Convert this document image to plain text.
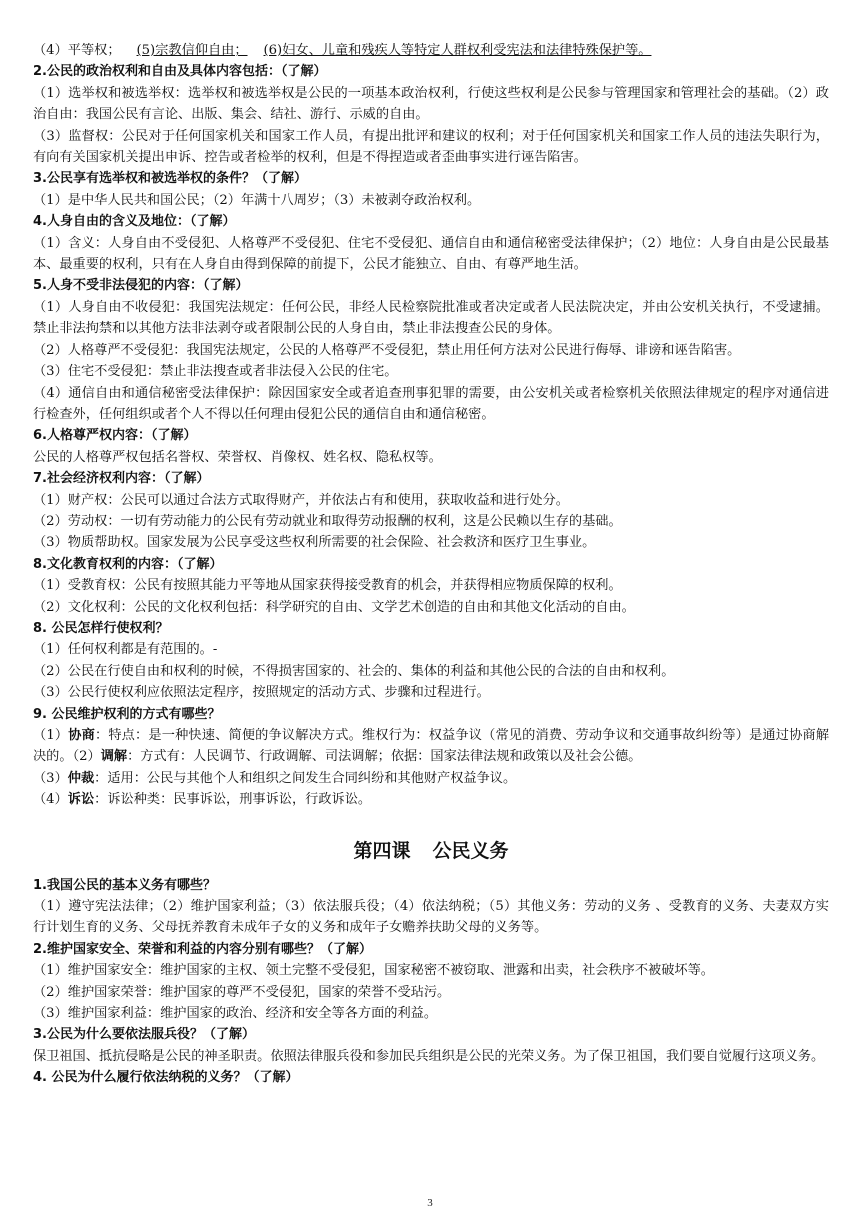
（4）平等权； (5)宗教信仰自由； (6)妇女、儿童和残疾人等特定人群权利受宪法和法律特殊保护等。

2.公民的政治权利和自由及具体内容包括：（了解）

（1）选举权和被选举权：选举权和被选举权是公民的一项基本政治权利，行使这些权利是公民参与管理国家和管理社会的基础。（2）政治自由：我国公民有言论、出版、集会、结社、游行、示威的自由。

（3）监督权：公民对于任何国家机关和国家工作人员，有提出批评和建议的权利；对于任何国家机关和国家工作人员的违法失职行为，有向有关国家机关提出申诉、控告或者检举的权利，但是不得捏造或者歪曲事实进行诬告陷害。

3.公民享有选举权和被选举权的条件？（了解）

（1）是中华人民共和国公民；（2）年满十八周岁；（3）未被剥夺政治权利。

4.人身自由的含义及地位：（了解）

（1）含义：人身自由不受侵犯、人格尊严不受侵犯、住宅不受侵犯、通信自由和通信秘密受法律保护；（2）地位：人身自由是公民最基本、最重要的权利，只有在人身自由得到保障的前提下，公民才能独立、自由、有尊严地生活。

5.人身不受非法侵犯的内容：（了解）

（1）人身自由不收侵犯：我国宪法规定：任何公民，非经人民检察院批准或者决定或者人民法院决定，并由公安机关执行，不受逮捕。禁止非法拘禁和以其他方法非法剥夺或者限制公民的人身自由，禁止非法搜查公民的身体。

（2）人格尊严不受侵犯：我国宪法规定，公民的人格尊严不受侵犯，禁止用任何方法对公民进行侮辱、诽谤和诬告陷害。

（3）住宅不受侵犯：禁止非法搜查或者非法侵入公民的住宅。

（4）通信自由和通信秘密受法律保护：除因国家安全或者追查刑事犯罪的需要，由公安机关或者检察机关依照法律规定的程序对通信进行检查外，任何组织或者个人不得以任何理由侵犯公民的通信自由和通信秘密。

6.人格尊严权内容：（了解）

公民的人格尊严权包括名誉权、荣誉权、肖像权、姓名权、隐私权等。

7.社会经济权利内容：（了解）

（1）财产权：公民可以通过合法方式取得财产，并依法占有和使用，获取收益和进行处分。

（2）劳动权：一切有劳动能力的公民有劳动就业和取得劳动报酬的权利，这是公民赖以生存的基础。

（3）物质帮助权。国家发展为公民享受这些权利所需要的社会保险、社会救济和医疗卫生事业。

8.文化教育权利的内容：（了解）

（1）受教育权：公民有按照其能力平等地从国家获得接受教育的机会，并获得相应物质保障的权利。

（2）文化权利：公民的文化权利包括：科学研究的自由、文学艺术创造的自由和其他文化活动的自由。

8. 公民怎样行使权利？

（1）任何权利都是有范围的。-

（2）公民在行使自由和权利的时候，不得损害国家的、社会的、集体的利益和其他公民的合法的自由和权利。

（3）公民行使权利应依照法定程序，按照规定的活动方式、步骤和过程进行。

9. 公民维护权利的方式有哪些？

（1）协商：特点：是一种快速、简便的争议解决方式。维权行为：权益争议（常见的消费、劳动争议和交通事故纠纷等）是通过协商解决的。（2）调解：方式有：人民调节、行政调解、司法调解；依据：国家法律法规和政策以及社会公德。

（3）仲裁：适用：公民与其他个人和组织之间发生合同纠纷和其他财产权益争议。

（4）诉讼：诉讼种类：民事诉讼，刑事诉讼，行政诉讼。

第四课 公民义务

1.我国公民的基本义务有哪些？

（1）遵守宪法法律；（2）维护国家利益；（3）依法服兵役；（4）依法纳税；（5）其他义务：劳动的义务 、受教育的义务、夫妻双方实行计划生育的义务、父母抚养教育未成年子女的义务和成年子女赡养扶助父母的义务等。

2.维护国家安全、荣誉和利益的内容分别有哪些？（了解）

（1）维护国家安全：维护国家的主权、领土完整不受侵犯，国家秘密不被窃取、泄露和出卖，社会秩序不被破坏等。

（2）维护国家荣誉：维护国家的尊严不受侵犯，国家的荣誉不受玷污。

（3）维护国家利益：维护国家的政治、经济和安全等各方面的利益。

3.公民为什么要依法服兵役？（了解）

保卫祖国、抵抗侵略是公民的神圣职责。依照法律服兵役和参加民兵组织是公民的光荣义务。为了保卫祖国，我们要自觉履行这项义务。

4. 公民为什么履行依法纳税的义务？（了解）

3
